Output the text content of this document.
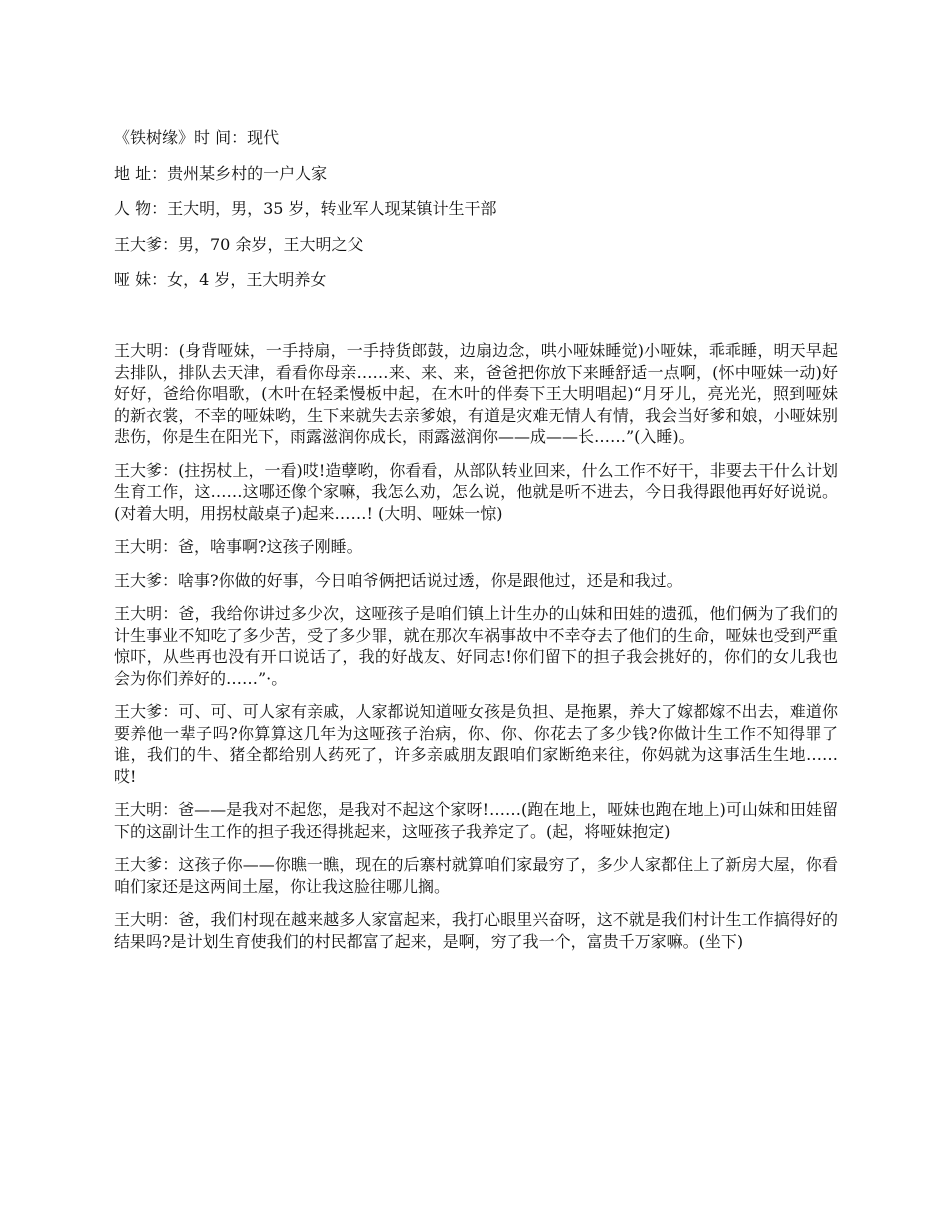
《铁树缘》时 间：现代

地 址：贵州某乡村的一户人家

人 物：王大明，男，35 岁，转业军人现某镇计生干部

王大爹：男，70 余岁，王大明之父

哑 妹：女，4 岁，王大明养女

王大明：(身背哑妹，一手持扇，一手持货郎鼓，边扇边念，哄小哑妹睡觉)小哑妹，乖乖睡，明天早起去排队，排队去天津，看看你母亲……来、来、来，爸爸把你放下来睡舒适一点啊，(怀中哑妹一动)好好好，爸给你唱歌，(木叶在轻柔慢板中起，在木叶的伴奏下王大明唱起)“月牙儿，亮光光，照到哑妹的新衣裳，不幸的哑妹哟，生下来就失去亲爹娘，有道是灾难无情人有情，我会当好爹和娘，小哑妹别悲伤，你是生在阳光下，雨露滋润你成长，雨露滋润你——成——长……”(入睡)。

王大爹：(拄拐杖上，一看)哎!造孽哟，你看看，从部队转业回来，什么工作不好干，非要去干什么计划生育工作，这……这哪还像个家嘛，我怎么劝，怎么说，他就是听不进去，今日我得跟他再好好说说。(对着大明，用拐杖敲桌子)起来……! (大明、哑妹一惊)

王大明：爸，啥事啊?这孩子刚睡。

王大爹：啥事?你做的好事，今日咱爷俩把话说过透，你是跟他过，还是和我过。

王大明：爸，我给你讲过多少次，这哑孩子是咱们镇上计生办的山妹和田娃的遗孤，他们俩为了我们的计生事业不知吃了多少苦，受了多少罪，就在那次车祸事故中不幸夺去了他们的生命，哑妹也受到严重惊吓，从些再也没有开口说话了，我的好战友、好同志!你们留下的担子我会挑好的，你们的女儿我也会为你们养好的……”·。

王大爹：可、可、可人家有亲戚，人家都说知道哑女孩是负担、是拖累，养大了嫁都嫁不出去，难道你要养他一辈子吗?你算算这几年为这哑孩子治病，你、你、你花去了多少钱?你做计生工作不知得罪了谁，我们的牛、猪全都给别人药死了，许多亲戚朋友跟咱们家断绝来往，你妈就为这事活生生地……哎!

王大明：爸——是我对不起您，是我对不起这个家呀!……(跑在地上，哑妹也跑在地上)可山妹和田娃留下的这副计生工作的担子我还得挑起来，这哑孩子我养定了。(起，将哑妹抱定)

王大爹：这孩子你——你瞧一瞧，现在的后寨村就算咱们家最穷了，多少人家都住上了新房大屋，你看咱们家还是这两间土屋，你让我这脸往哪儿搁。

王大明：爸，我们村现在越来越多人家富起来，我打心眼里兴奋呀，这不就是我们村计生工作搞得好的结果吗?是计划生育使我们的村民都富了起来，是啊，穷了我一个，富贵千万家嘛。(坐下)
